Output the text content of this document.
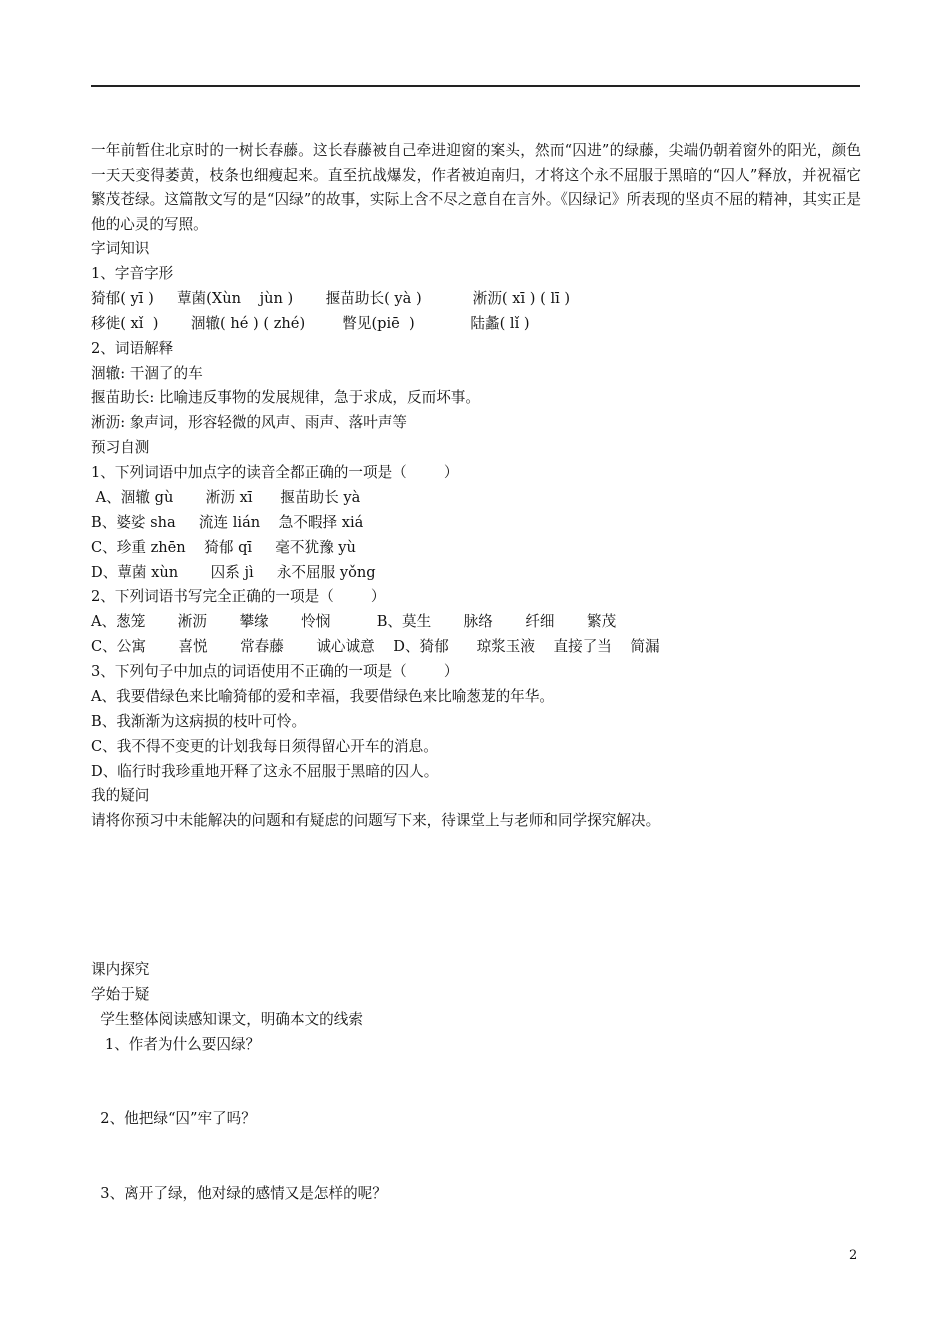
一年前暂住北京时的一树长春藤。这长春藤被自己牵进迎窗的案头，然而“囚进”的绿藤，尖端仍朝着窗外的阳光，颜色一天天变得萎黄，枝条也细瘦起来。直至抗战爆发，作者被迫南归，才将这个永不屈服于黑暗的“囚人”释放，并祝福它繁茂苍绿。这篇散文写的是“囚绿”的故事，实际上含不尽之意自在言外。《囚绿记》所表现的坚贞不屈的精神，其实正是他的心灵的写照。
字词知识
1、字音字形
猗郁( yī )     蕈菌(Xùn    jùn )       揠苗助长( yà )           淅沥( xī ) ( lī )
移徙( xǐ  )       涸辙( hé ) ( zhé)        瞥见(piē  )            陆蠡( lǐ )
2、词语解释
涸辙: 干涸了的车
揠苗助长: 比喻违反事物的发展规律，急于求成，反而坏事。
淅沥: 象声词，形容轻微的风声、雨声、落叶声等
预习自测
1、下列词语中加点字的读音全都正确的一项是（        ）
A、涸辙 gù       淅沥 xī      揠苗助长 yà
B、婆娑 sha     流连 lián    急不暇择 xiá
C、珍重 zhēn    猗郁 qī     毫不犹豫 yù
D、蕈菌 xùn       囚系 jì     永不屈服 yǒng
2、下列词语书写完全正确的一项是（        ）
A、葱笼       淅沥       攀缘       怜悯          B、莫生       脉络       纤细       繁茂
C、公寓       喜悦       常春藤       诚心诚意    D、猗郁      琼浆玉液    直接了当    简漏
3、下列句子中加点的词语使用不正确的一项是（        ）
A、我要借绿色来比喻猗郁的爱和幸福，我要借绿色来比喻葱茏的年华。
B、我渐渐为这病损的枝叶可怜。
C、我不得不变更的计划我每日须得留心开车的消息。
D、临行时我珍重地开释了这永不屈服于黑暗的囚人。
我的疑问
请将你预习中未能解决的问题和有疑虑的问题写下来，待课堂上与老师和同学探究解决。
课内探究
学始于疑
学生整体阅读感知课文，明确本文的线索
1、作者为什么要囚绿？
2、他把绿“囚”牢了吗？
3、离开了绿，他对绿的感情又是怎样的呢？
2
